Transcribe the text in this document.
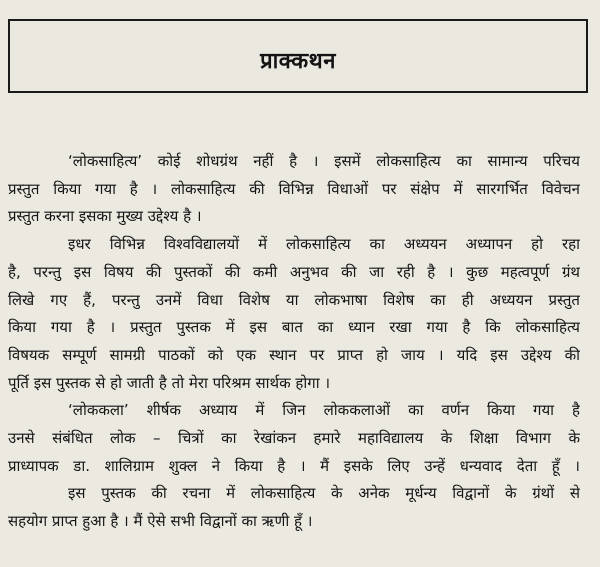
प्राक्कथन
‘लोकसाहित्य’ कोई शोधग्रंथ नहीं है । इसमें लोकसाहित्य का सामान्य परिचय
प्रस्तुत किया गया है । लोकसाहित्य की विभिन्न विधाओं पर संक्षेप में सारगर्भित विवेचन
प्रस्तुत करना इसका मुख्य उद्देश्य है ।
इधर विभिन्न विश्वविद्यालयों में लोकसाहित्य का अध्ययन अध्यापन हो रहा
है, परन्तु इस विषय की पुस्तकों की कमी अनुभव की जा रही है । कुछ महत्वपूर्ण ग्रंथ
लिखे गए हैं, परन्तु उनमें विधा विशेष या लोकभाषा विशेष का ही अध्ययन प्रस्तुत
किया गया है । प्रस्तुत पुस्तक में इस बात का ध्यान रखा गया है कि लोकसाहित्य
विषयक सम्पूर्ण सामग्री पाठकों को एक स्थान पर प्राप्त हो जाय । यदि इस उद्देश्य की
पूर्ति इस पुस्तक से हो जाती है तो मेरा परिश्रम सार्थक होगा ।
‘लोककला’ शीर्षक अध्याय में जिन लोककलाओं का वर्णन किया गया है
उनसे संबंधित लोक – चित्रों का रेखांकन हमारे महाविद्यालय के शिक्षा विभाग के
प्राध्यापक डा. शालिग्राम शुक्ल ने किया है । मैं इसके लिए उन्हें धन्यवाद देता हूँ ।
इस पुस्तक की रचना में लोकसाहित्य के अनेक मूर्धन्य विद्वानों के ग्रंथों से
सहयोग प्राप्त हुआ है । मैं ऐसे सभी विद्वानों का ऋणी हूँ ।
